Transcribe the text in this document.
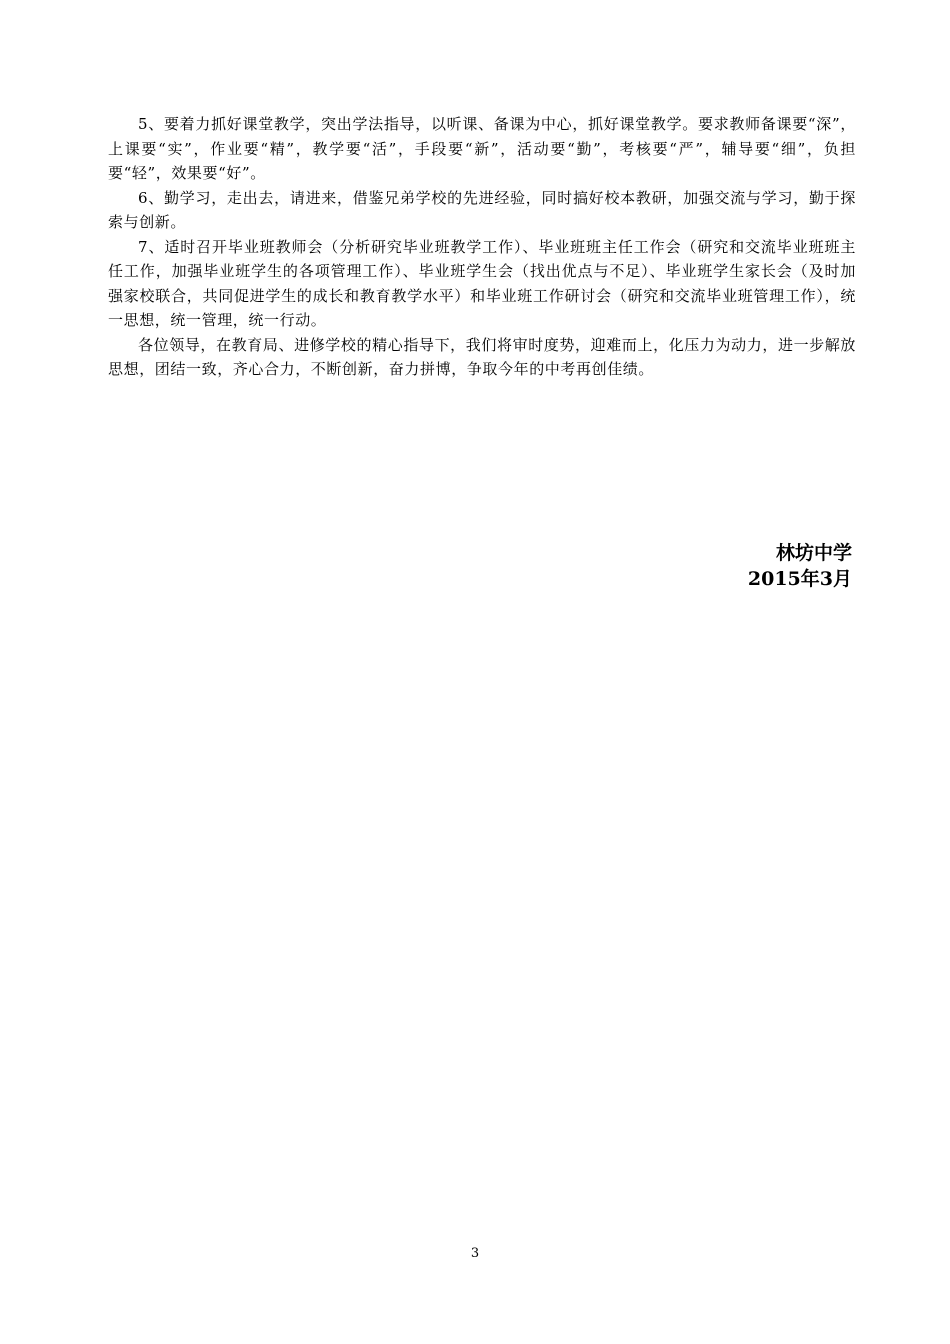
5、要着力抓好课堂教学，突出学法指导，以听课、备课为中心，抓好课堂教学。要求教师备课要“深”，上课要“实”，作业要“精”，教学要“活”，手段要“新”，活动要“勤”，考核要“严”，辅导要“细”，负担要“轻”，效果要“好”。

6、勤学习，走出去，请进来，借鉴兄弟学校的先进经验，同时搞好校本教研，加强交流与学习，勤于探索与创新。

7、适时召开毕业班教师会（分析研究毕业班教学工作）、毕业班班主任工作会（研究和交流毕业班班主任工作，加强毕业班学生的各项管理工作）、毕业班学生会（找出优点与不足）、毕业班学生家长会（及时加强家校联合，共同促进学生的成长和教育教学水平）和毕业班工作研讨会（研究和交流毕业班管理工作），统一思想，统一管理，统一行动。

各位领导，在教育局、进修学校的精心指导下，我们将审时度势，迎难而上，化压力为动力，进一步解放思想，团结一致，齐心合力，不断创新，奋力拼博，争取今年的中考再创佳绩。

林坊中学
2015年3月
3
